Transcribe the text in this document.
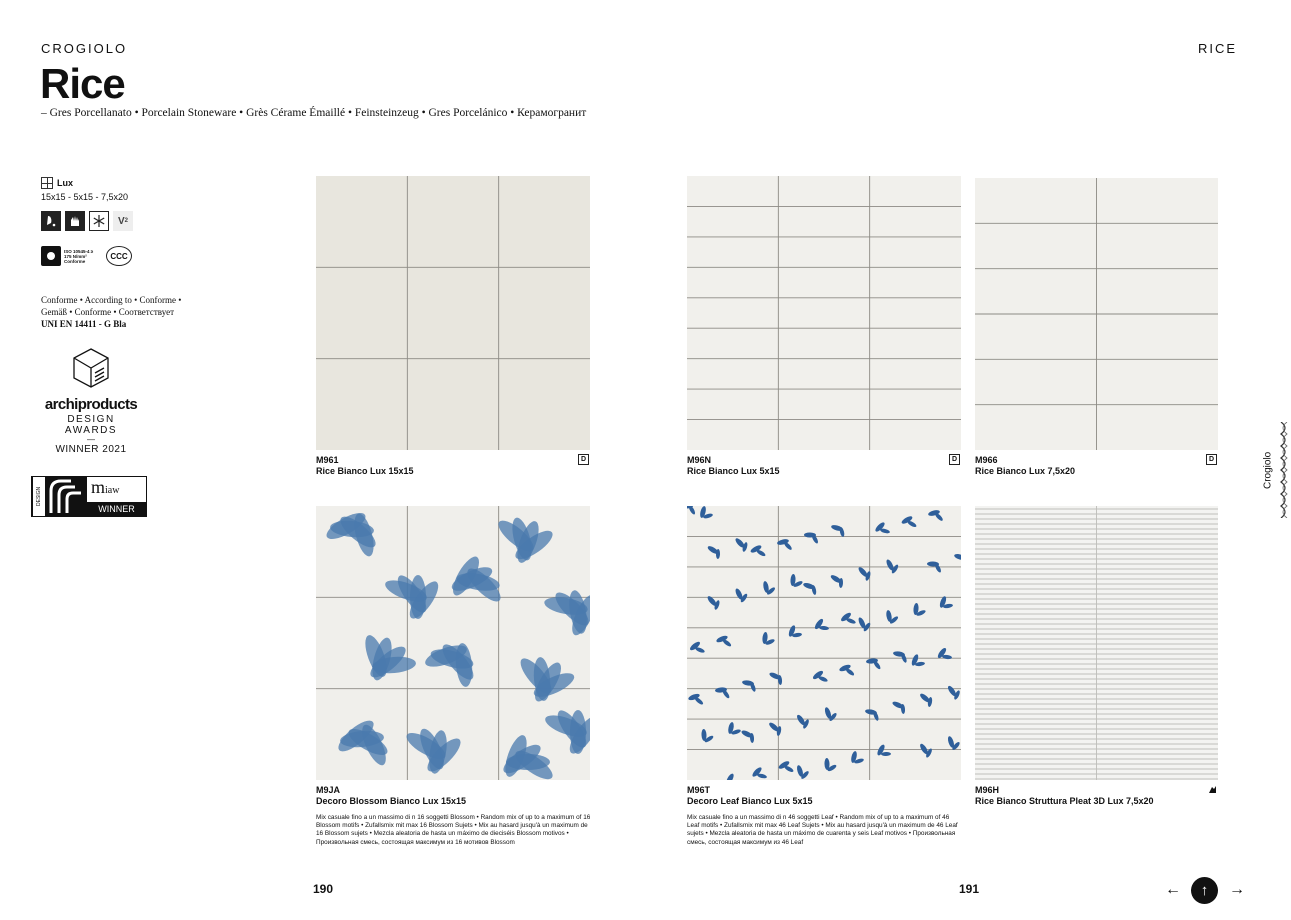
CROGIOLO	RICE
Rice
– Gres Porcellanato • Porcelain Stoneware • Grès Cérame Émaillé • Feinsteinzeug • Gres Porcelánico • Керамогранит
Lux
15x15 - 5x15 - 7,5x20
V 2
ISO 10545-4 ≥ 175 N/mm² Conforme
CCC
Conforme • According to • Conforme •
Gemäß • Conforme • Соответствует
UNI EN 14411 - G Bla
archiproducts
DESIGN AWARDS
—
WINNER 2021
DESIGN	miaw
WINNER
M961
Rice Bianco Lux 15x15
D	M96N
Rice Bianco Lux 5x15
D	M966
Rice Bianco Lux 7,5x20
D
M9JA
Decoro Blossom Bianco Lux 15x15
Mix casuale fino a un massimo di n 16 soggetti Blossom • Random mix of up to a maximum of 16 Blossom motifs • Zufallsmix mit max 16 Blossom Sujets • Mix au hasard jusqu'à un maximum de 16 Blossom sujets • Mezcla aleatoria de hasta un máximo de dieciséis Blossom motivos • Произвольная смесь, состоящая максимум из 16 мотивов Blossom
M96T
Decoro Leaf Bianco Lux 5x15
Mix casuale fino a un massimo di n 46 soggetti Leaf • Random mix of up to a maximum of 46 Leaf motifs • Zufallsmix mit max 46 Leaf Sujets • Mix au hasard jusqu'à un maximum de 46 Leaf sujets • Mezcla aleatoria de hasta un máximo de cuarenta y seis Leaf motivos • Произвольная смесь, состоящая максимум из 46 Leaf
M96H
Rice Bianco Struttura Pleat 3D Lux 7,5x20
190	191	←	↑	→
Crogiolo
